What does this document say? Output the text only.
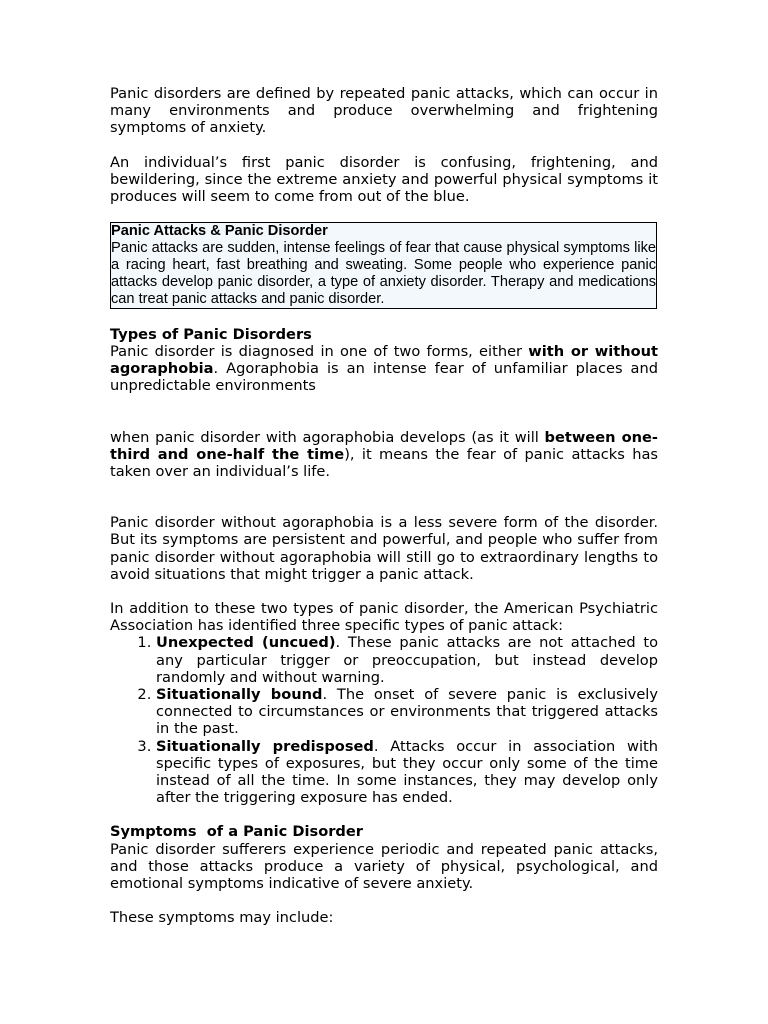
Panic disorders are defined by repeated panic attacks, which can occur in many environments and produce overwhelming and frightening symptoms of anxiety.

An individual’s first panic disorder is confusing, frightening, and bewildering, since the extreme anxiety and powerful physical symptoms it produces will seem to come from out of the blue.

Panic Attacks & Panic Disorder

Panic attacks are sudden, intense feelings of fear that cause physical symptoms like a racing heart, fast breathing and sweating. Some people who experience panic attacks develop panic disorder, a type of anxiety disorder. Therapy and medications can treat panic attacks and panic disorder.

Types of Panic Disorders

Panic disorder is diagnosed in one of two forms, either with or without agoraphobia. Agoraphobia is an intense fear of unfamiliar places and unpredictable environments

when panic disorder with agoraphobia develops (as it will between one-third and one-half the time), it means the fear of panic attacks has taken over an individual’s life.

Panic disorder without agoraphobia is a less severe form of the disorder. But its symptoms are persistent and powerful, and people who suffer from panic disorder without agoraphobia will still go to extraordinary lengths to avoid situations that might trigger a panic attack.

In addition to these two types of panic disorder, the American Psychiatric Association has identified three specific types of panic attack:

1. Unexpected (uncued). These panic attacks are not attached to any particular trigger or preoccupation, but instead develop randomly and without warning.
2. Situationally bound. The onset of severe panic is exclusively connected to circumstances or environments that triggered attacks in the past.
3. Situationally predisposed. Attacks occur in association with specific types of exposures, but they occur only some of the time instead of all the time. In some instances, they may develop only after the triggering exposure has ended.
Symptoms  of a Panic Disorder

Panic disorder sufferers experience periodic and repeated panic attacks, and those attacks produce a variety of physical, psychological, and emotional symptoms indicative of severe anxiety.

These symptoms may include:
